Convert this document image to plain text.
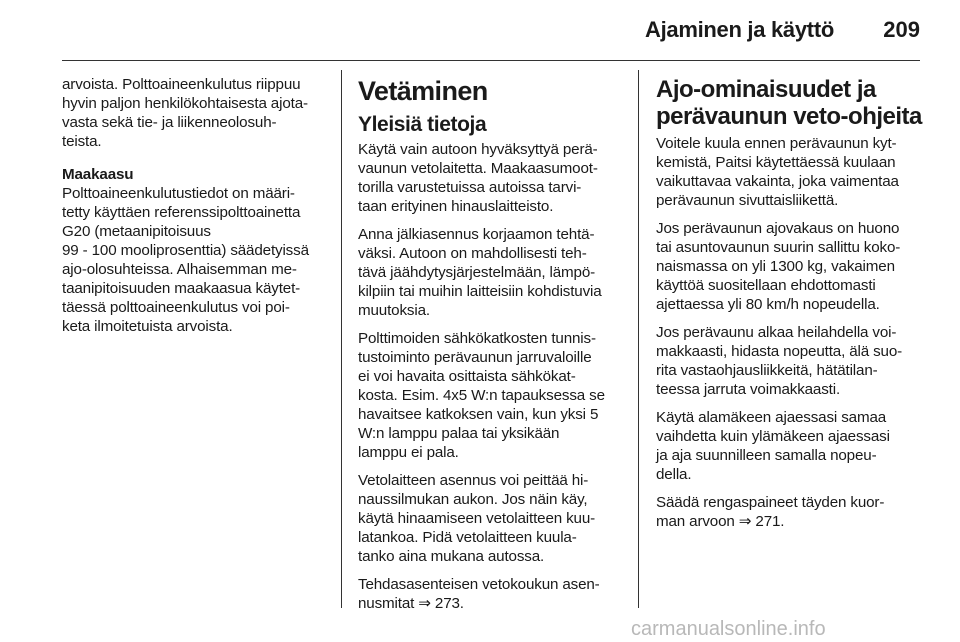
Ajaminen ja käyttö 209
arvoista. Polttoaineenkulutus riippuu
hyvin paljon henkilökohtaisesta ajota-
vasta sekä tie- ja liikenneolosuh-
teista.
Maakaasu
Polttoaineenkulutustiedot on määri-
tetty käyttäen referenssipolttoainetta
G20 (metaanipitoisuus
99 - 100 mooliprosenttia) säädetyissä
ajo-olosuhteissa. Alhaisemman me-
taanipitoisuuden maakaasua käytet-
täessä polttoaineenkulutus voi poi-
keta ilmoitetuista arvoista.
Vetäminen
Yleisiä tietoja
Käytä vain autoon hyväksyttyä perä-
vaunun vetolaitetta. Maakaasumoot-
torilla varustetuissa autoissa tarvi-
taan erityinen hinauslaitteisto.
Anna jälkiasennus korjaamon tehtä-
väksi. Autoon on mahdollisesti teh-
tävä jäähdytysjärjestelmään, lämpö-
kilpiin tai muihin laitteisiin kohdistuvia
muutoksia.
Polttimoiden sähkökatkosten tunnis-
tustoiminto perävaunun jarruvaloille
ei voi havaita osittaista sähkökat-
kosta. Esim. 4x5 W:n tapauksessa se
havaitsee katkoksen vain, kun yksi 5
W:n lamppu palaa tai yksikään
lamppu ei pala.
Vetolaitteen asennus voi peittää hi-
naussilmukan aukon. Jos näin käy,
käytä hinaamiseen vetolaitteen kuu-
latankoa. Pidä vetolaitteen kuula-
tanko aina mukana autossa.
Tehdasasenteisen vetokoukun asen-
nusmitat ⇒ 273.
Ajo-ominaisuudet ja
perävaunun veto-ohjeita
Voitele kuula ennen perävaunun kyt-
kemistä, Paitsi käytettäessä kuulaan
vaikuttavaa vakainta, joka vaimentaa
perävaunun sivuttaisliikettä.
Jos perävaunun ajovakaus on huono
tai asuntovaunun suurin sallittu koko-
naismassa on yli 1300 kg, vakaimen
käyttöä suositellaan ehdottomasti
ajettaessa yli 80 km/h nopeudella.
Jos perävaunu alkaa heilahdella voi-
makkaasti, hidasta nopeutta, älä suo-
rita vastaohjausliikkeitä, hätätilan-
teessa jarruta voimakkaasti.
Käytä alamäkeen ajaessasi samaa
vaihdetta kuin ylämäkeen ajaessasi
ja aja suunnilleen samalla nopeu-
della.
Säädä rengaspaineet täyden kuor-
man arvoon ⇒ 271.
carmanualsonline.info
